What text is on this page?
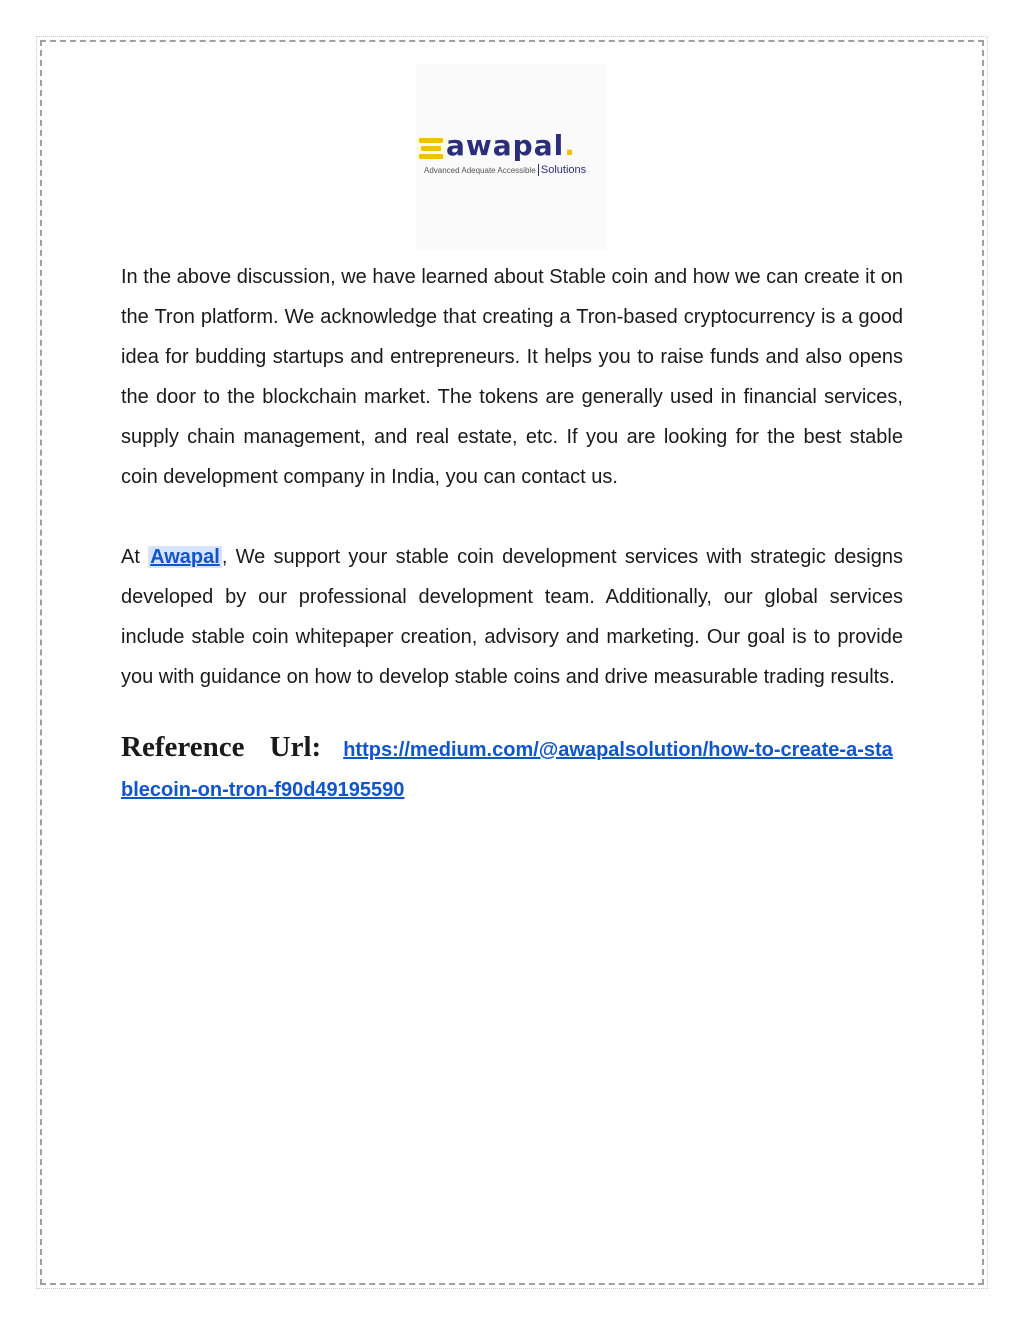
awapal.
Advanced Adequate Accessible Solutions

In the above discussion, we have learned about Stable coin and how we can create it on the Tron platform. We acknowledge that creating a Tron-based cryptocurrency is a good idea for budding startups and entrepreneurs. It helps you to raise funds and also opens the door to the blockchain market. The tokens are generally used in financial services, supply chain management, and real estate, etc. If you are looking for the best stable coin development company in India, you can contact us.

At Awapal , We support your stable coin development services with strategic designs developed by our professional development team. Additionally, our global services include stable coin whitepaper creation, advisory and marketing. Our goal is to provide you with guidance on how to develop stable coins and drive measurable trading results.

Reference Url: https://medium.com/@awapalsolution/how-to-create-a-stablecoin-on-tron-f90d49195590
